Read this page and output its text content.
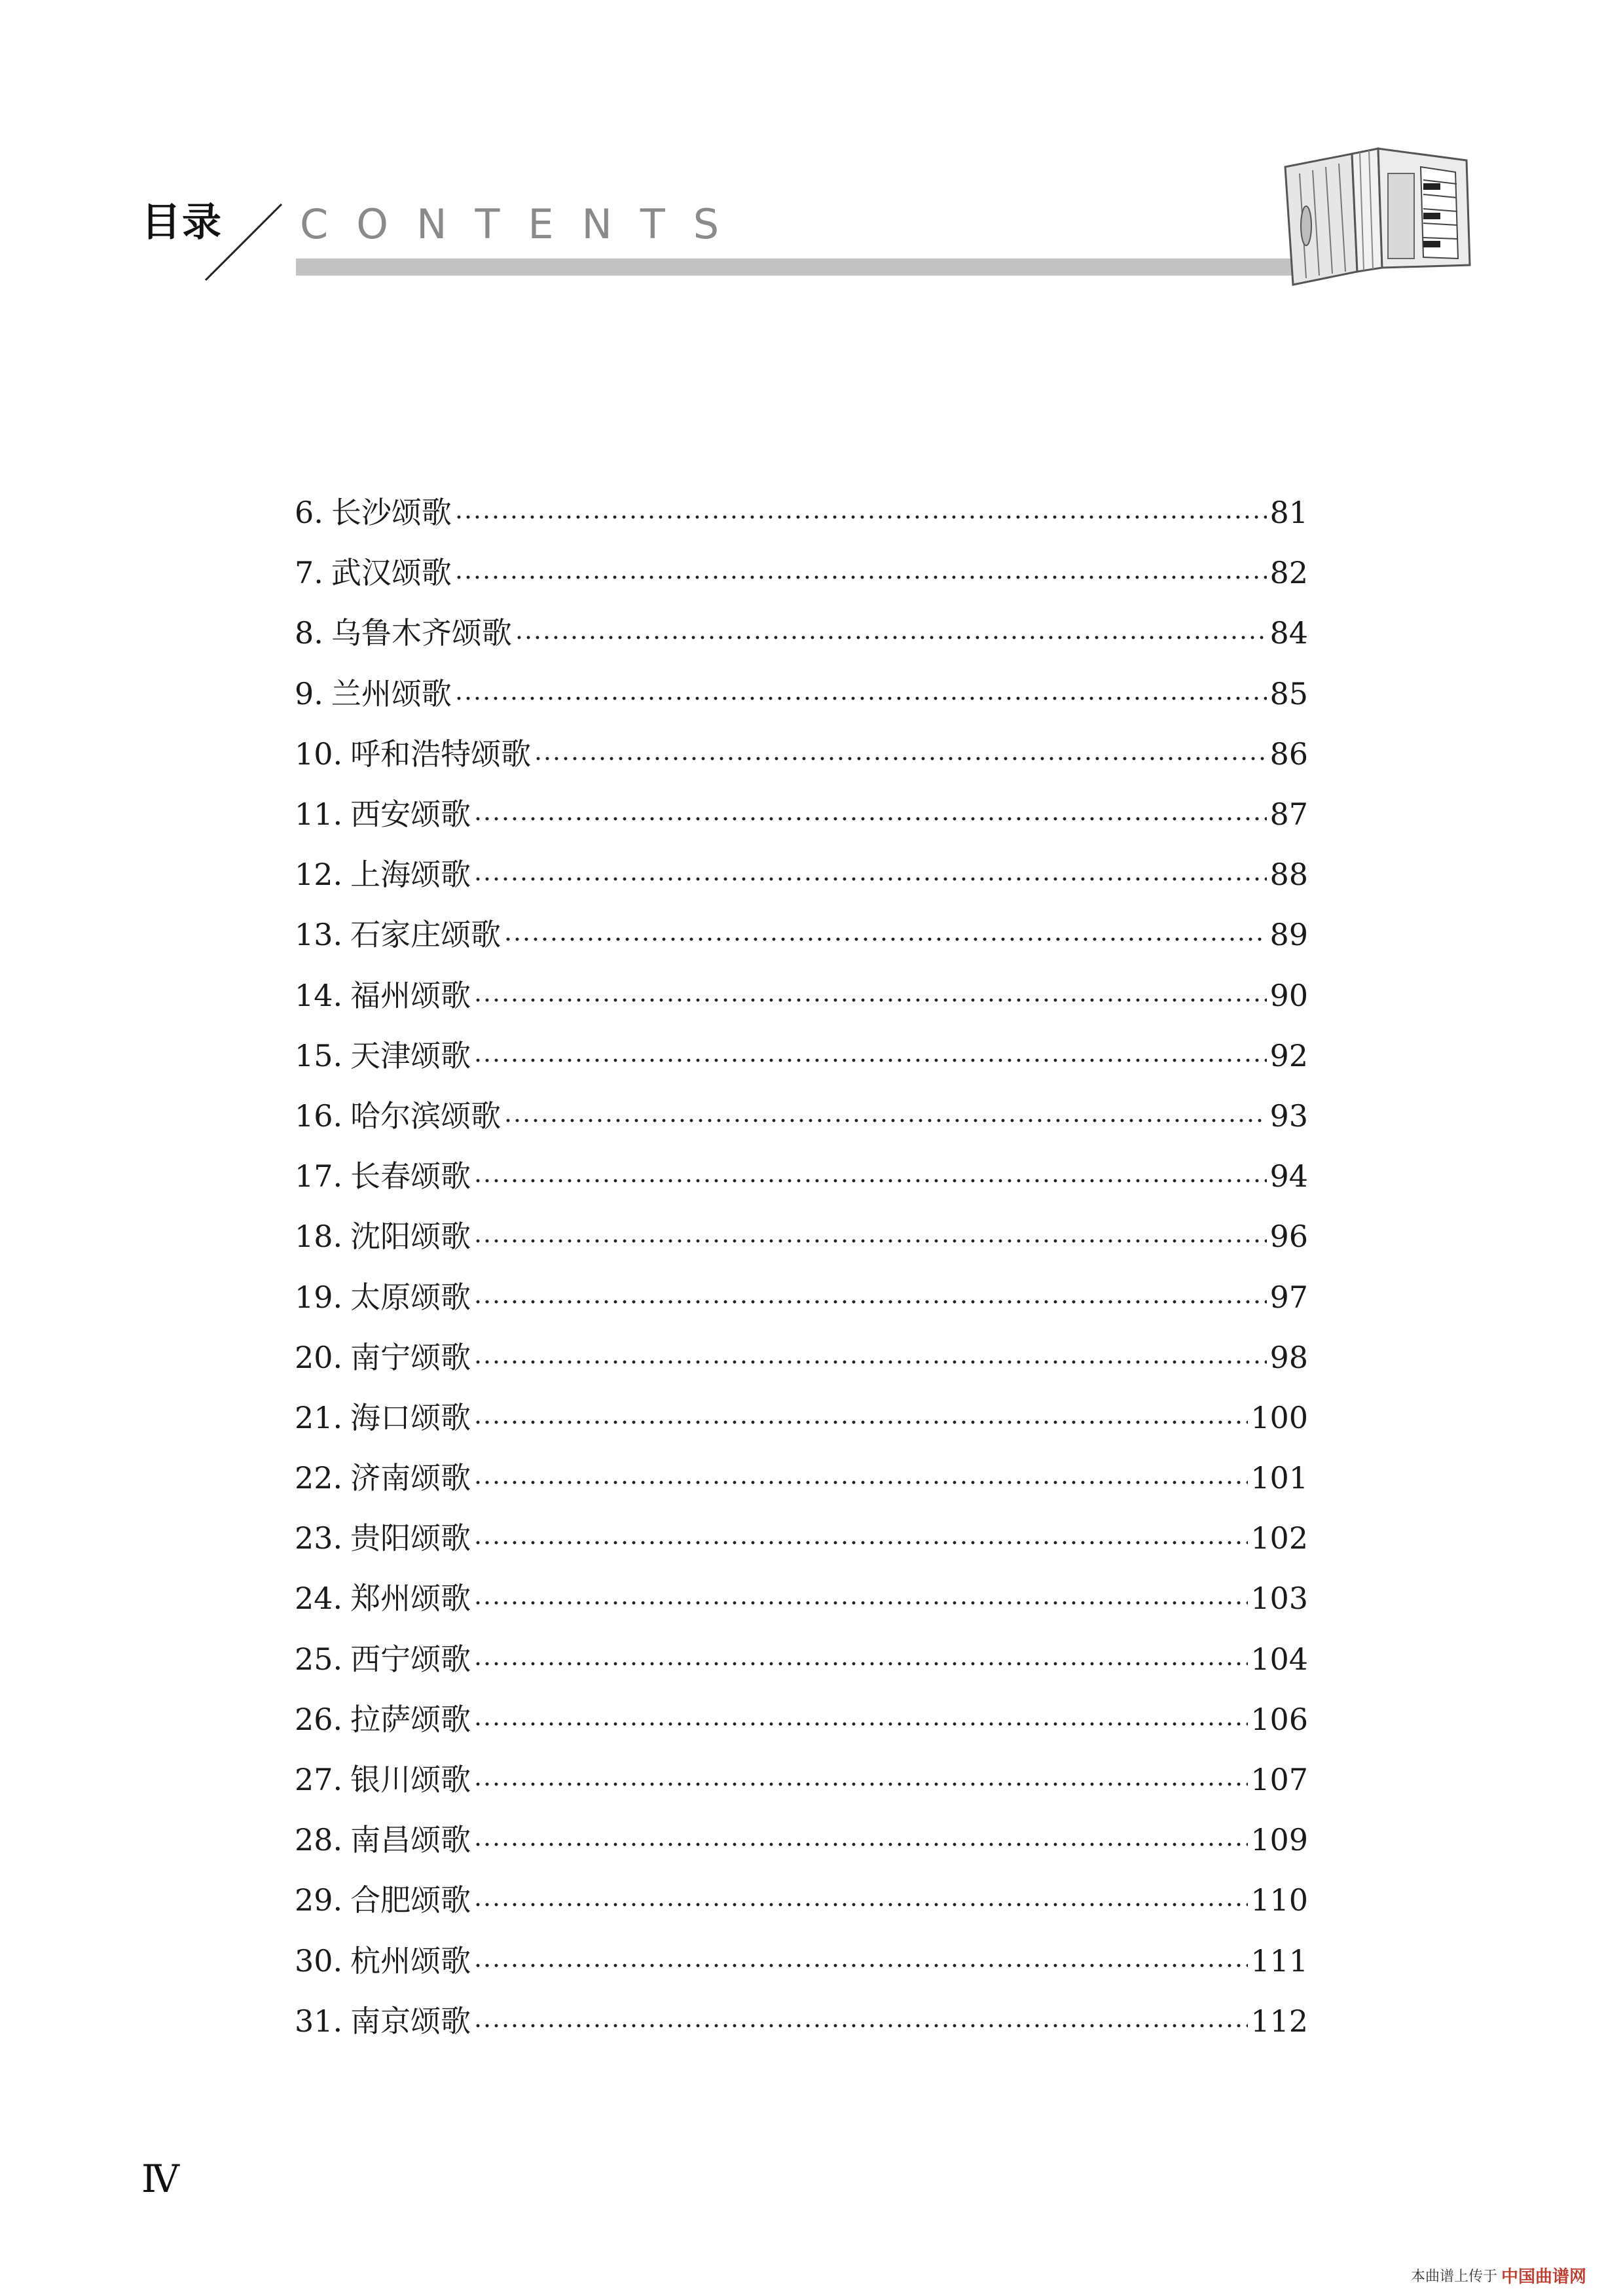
目录 CONTENTS
6. 长沙颂歌	81
7. 武汉颂歌	82
8. 乌鲁木齐颂歌	84
9. 兰州颂歌	85
10. 呼和浩特颂歌	86
11. 西安颂歌	87
12. 上海颂歌	88
13. 石家庄颂歌	89
14. 福州颂歌	90
15. 天津颂歌	92
16. 哈尔滨颂歌	93
17. 长春颂歌	94
18. 沈阳颂歌	96
19. 太原颂歌	97
20. 南宁颂歌	98
21. 海口颂歌	100
22. 济南颂歌	101
23. 贵阳颂歌	102
24. 郑州颂歌	103
25. 西宁颂歌	104
26. 拉萨颂歌	106
27. 银川颂歌	107
28. 南昌颂歌	109
29. 合肥颂歌	110
30. 杭州颂歌	111
31. 南京颂歌	112
Ⅳ
本曲谱上传于 中国曲谱网
